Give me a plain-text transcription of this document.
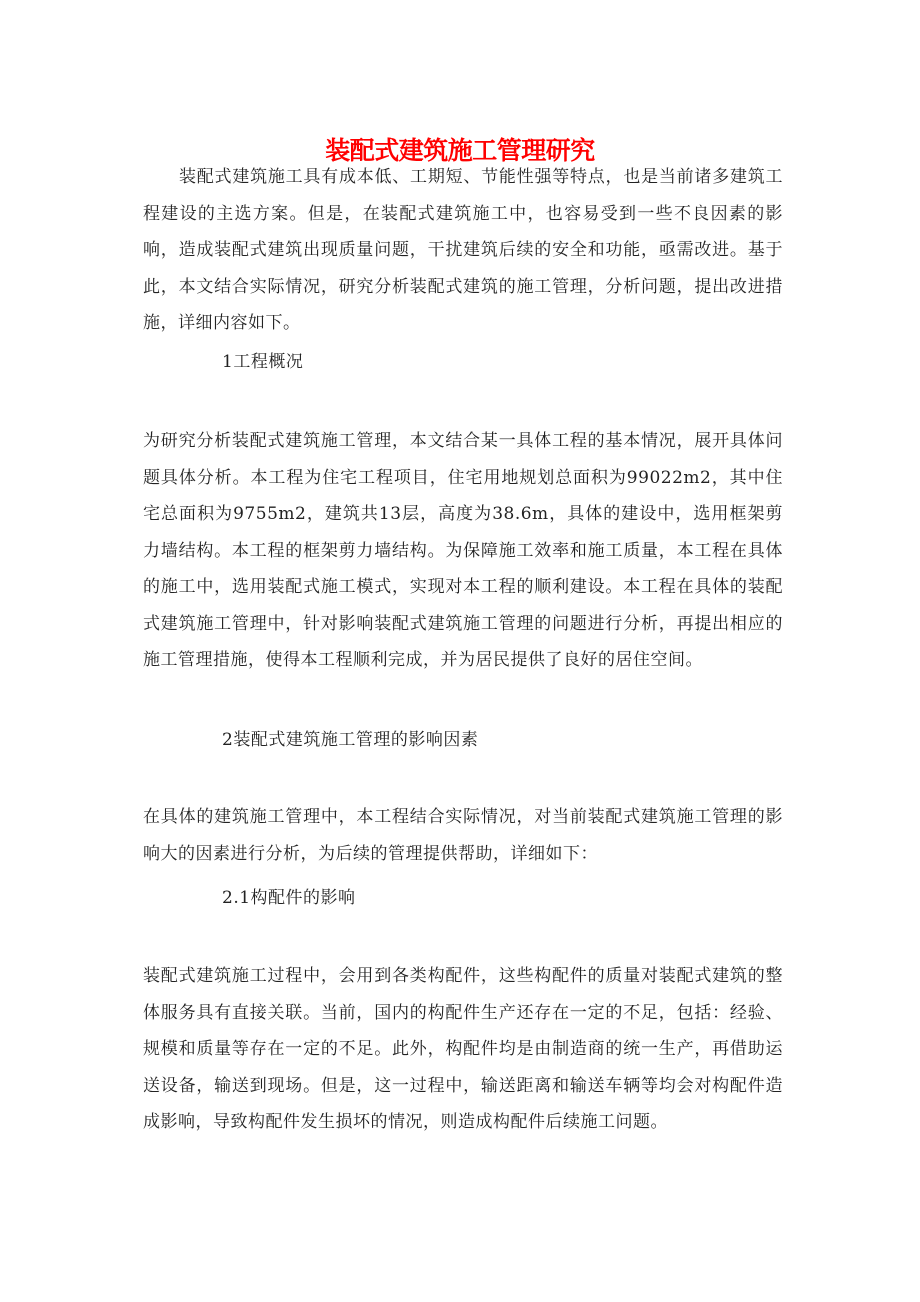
装配式建筑施工管理研究

装配式建筑施工具有成本低、工期短、节能性强等特点，也是当前诸多建筑工程建设的主选方案。但是，在装配式建筑施工中，也容易受到一些不良因素的影响，造成装配式建筑出现质量问题，干扰建筑后续的安全和功能，亟需改进。基于此，本文结合实际情况，研究分析装配式建筑的施工管理，分析问题，提出改进措施，详细内容如下。

1工程概况

为研究分析装配式建筑施工管理，本文结合某一具体工程的基本情况，展开具体问题具体分析。本工程为住宅工程项目，住宅用地规划总面积为99022m2，其中住宅总面积为9755m2，建筑共13层，高度为38.6m，具体的建设中，选用框架剪力墙结构。本工程的框架剪力墙结构。为保障施工效率和施工质量，本工程在具体的施工中，选用装配式施工模式，实现对本工程的顺利建设。本工程在具体的装配式建筑施工管理中，针对影响装配式建筑施工管理的问题进行分析，再提出相应的施工管理措施，使得本工程顺利完成，并为居民提供了良好的居住空间。

2装配式建筑施工管理的影响因素

在具体的建筑施工管理中，本工程结合实际情况，对当前装配式建筑施工管理的影响大的因素进行分析，为后续的管理提供帮助，详细如下：

2.1构配件的影响

装配式建筑施工过程中，会用到各类构配件，这些构配件的质量对装配式建筑的整体服务具有直接关联。当前，国内的构配件生产还存在一定的不足，包括：经验、规模和质量等存在一定的不足。此外，构配件均是由制造商的统一生产，再借助运送设备，输送到现场。但是，这一过程中，输送距离和输送车辆等均会对构配件造成影响，导致构配件发生损坏的情况，则造成构配件后续施工问题。
